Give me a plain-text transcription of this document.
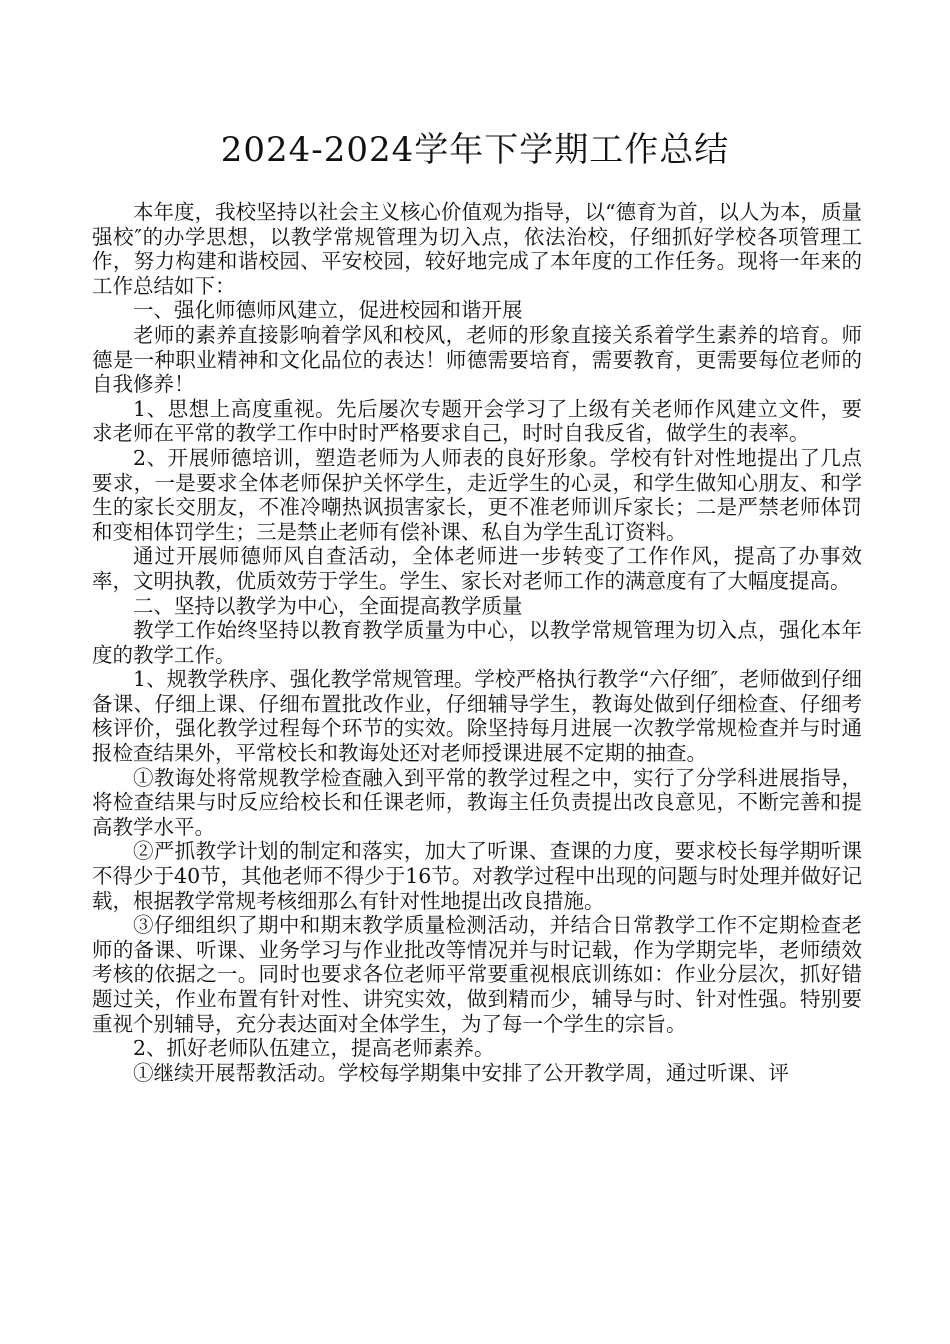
2024-2024学年下学期工作总结

本年度，我校坚持以社会主义核心价值观为指导，以“德育为首，以人为本，质量强校″的办学思想，以教学常规管理为切入点，依法治校，仔细抓好学校各项管理工作，努力构建和谐校园、平安校园，较好地完成了本年度的工作任务。现将一年来的工作总结如下：

一、强化师德师风建立，促进校园和谐开展

老师的素养直接影响着学风和校风，老师的形象直接关系着学生素养的培育。师德是一种职业精神和文化品位的表达！师德需要培育，需要教育，更需要每位老师的自我修养！

1、思想上高度重视。先后屡次专题开会学习了上级有关老师作风建立文件，要求老师在平常的教学工作中时时严格要求自己，时时自我反省，做学生的表率。

2、开展师德培训，塑造老师为人师表的良好形象。学校有针对性地提出了几点要求，一是要求全体老师保护关怀学生，走近学生的心灵，和学生做知心朋友、和学生的家长交朋友，不准冷嘲热讽损害家长，更不准老师训斥家长；二是严禁老师体罚和变相体罚学生；三是禁止老师有偿补课、私自为学生乱订资料。

通过开展师德师风自查活动，全体老师进一步转变了工作作风，提高了办事效率，文明执教，优质效劳于学生。学生、家长对老师工作的满意度有了大幅度提高。

二、坚持以教学为中心，全面提高教学质量

教学工作始终坚持以教育教学质量为中心，以教学常规管理为切入点，强化本年度的教学工作。

1、规教学秩序、强化教学常规管理。学校严格执行教学“六仔细″，老师做到仔细备课、仔细上课、仔细布置批改作业，仔细辅导学生，教诲处做到仔细检查、仔细考核评价，强化教学过程每个环节的实效。除坚持每月进展一次教学常规检查并与时通报检查结果外，平常校长和教诲处还对老师授课进展不定期的抽查。

①教诲处将常规教学检查融入到平常的教学过程之中，实行了分学科进展指导，将检查结果与时反应给校长和任课老师，教诲主任负责提出改良意见，不断完善和提高教学水平。

②严抓教学计划的制定和落实，加大了听课、查课的力度，要求校长每学期听课不得少于40节，其他老师不得少于16节。对教学过程中出现的问题与时处理并做好记载，根据教学常规考核细那么有针对性地提出改良措施。

③仔细组织了期中和期末教学质量检测活动，并结合日常教学工作不定期检查老师的备课、听课、业务学习与作业批改等情况并与时记载，作为学期完毕，老师绩效考核的依据之一。同时也要求各位老师平常要重视根底训练如：作业分层次，抓好错题过关，作业布置有针对性、讲究实效，做到精而少，辅导与时、针对性强。特别要重视个别辅导，充分表达面对全体学生，为了每一个学生的宗旨。

2、抓好老师队伍建立，提高老师素养。

①继续开展帮教活动。学校每学期集中安排了公开教学周，通过听课、评
